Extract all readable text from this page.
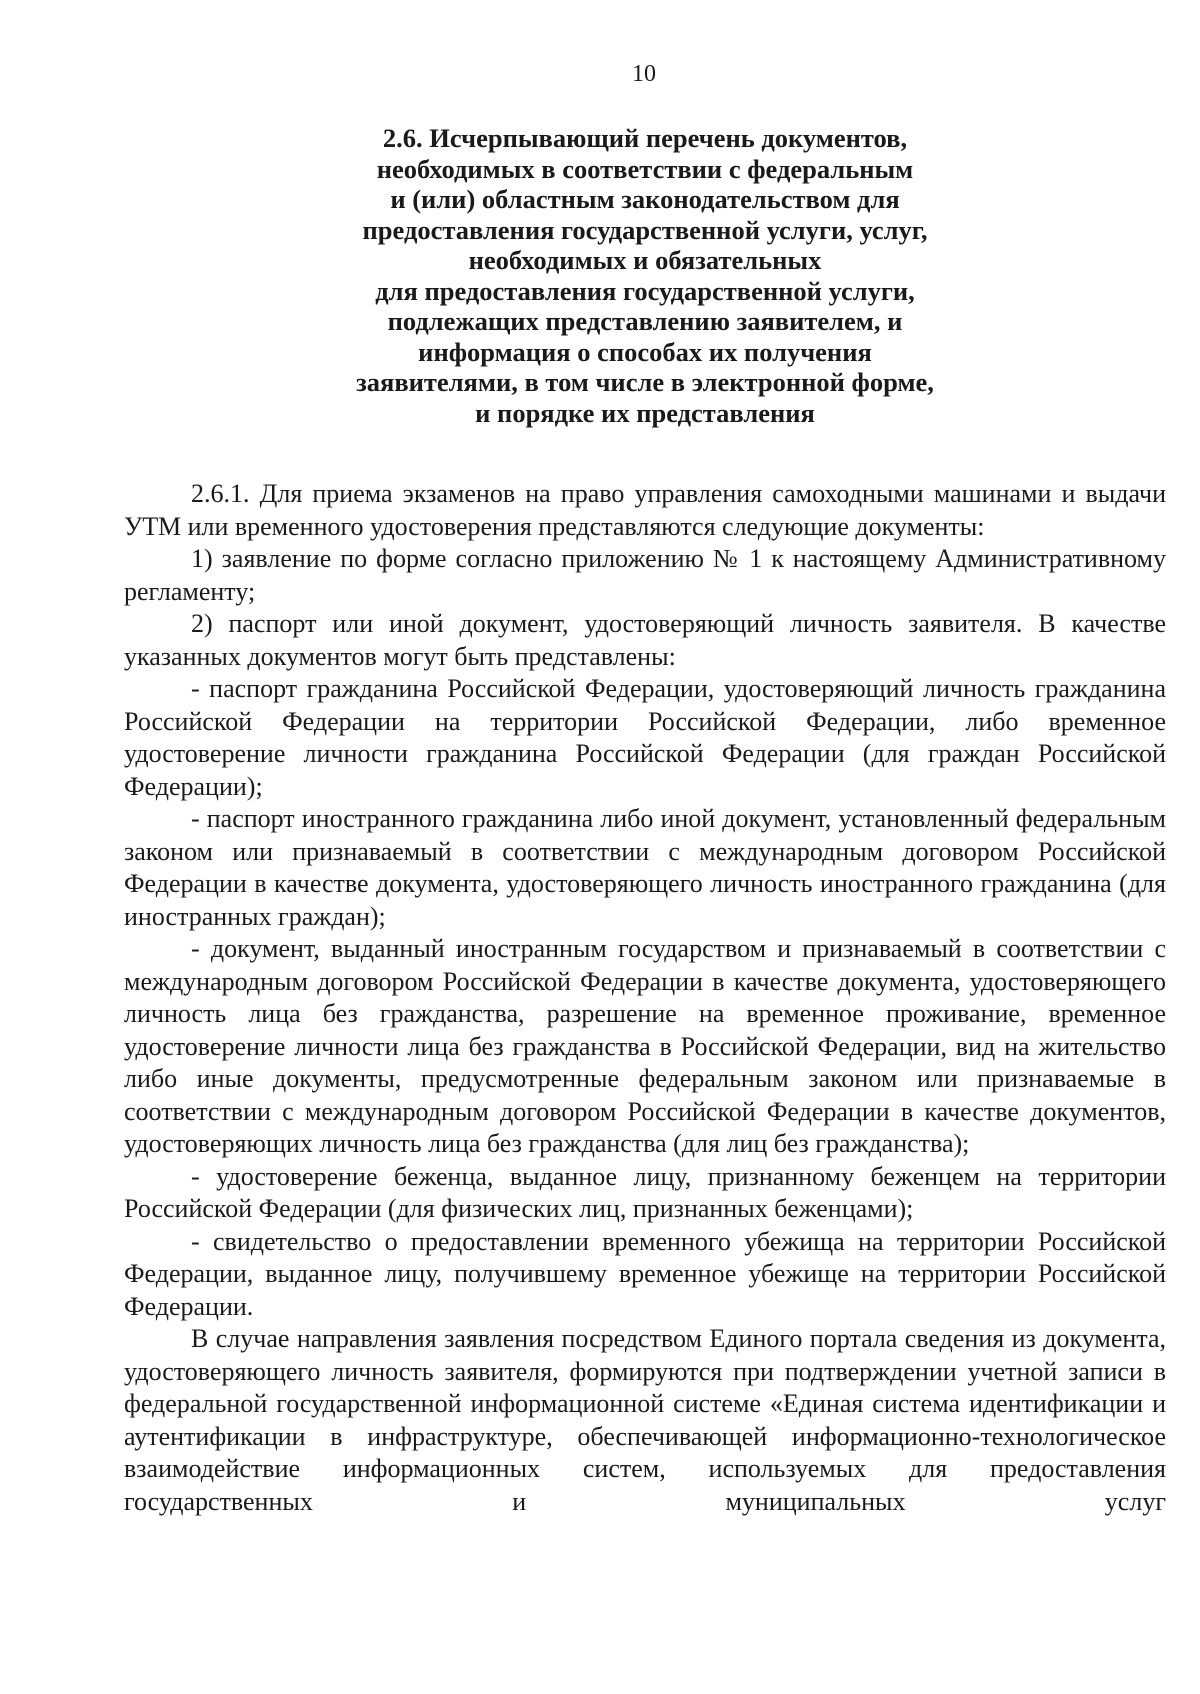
10
2.6. Исчерпывающий перечень документов,
необходимых в соответствии с федеральным
и (или) областным законодательством для
предоставления государственной услуги, услуг,
необходимых и обязательных
для предоставления государственной услуги,
подлежащих представлению заявителем, и
информация о способах их получения
заявителями, в том числе в электронной форме,
и порядке их представления

2.6.1. Для приема экзаменов на право управления самоходными машинами и выдачи УТМ или временного удостоверения представляются следующие документы:

1) заявление по форме согласно приложению № 1 к настоящему Административному регламенту;

2) паспорт или иной документ, удостоверяющий личность заявителя. В качестве указанных документов могут быть представлены:

- паспорт гражданина Российской Федерации, удостоверяющий личность гражданина Российской Федерации на территории Российской Федерации, либо временное удостоверение личности гражданина Российской Федерации (для граждан Российской Федерации);

- паспорт иностранного гражданина либо иной документ, установленный федеральным законом или признаваемый в соответствии с международным договором Российской Федерации в качестве документа, удостоверяющего личность иностранного гражданина (для иностранных граждан);

- документ, выданный иностранным государством и признаваемый в соответствии с международным договором Российской Федерации в качестве документа, удостоверяющего личность лица без гражданства, разрешение на временное проживание, временное удостоверение личности лица без гражданства в Российской Федерации, вид на жительство либо иные документы, предусмотренные федеральным законом или признаваемые в соответствии с международным договором Российской Федерации в качестве документов, удостоверяющих личность лица без гражданства (для лиц без гражданства);

- удостоверение беженца, выданное лицу, признанному беженцем на территории Российской Федерации (для физических лиц, признанных беженцами);

- свидетельство о предоставлении временного убежища на территории Российской Федерации, выданное лицу, получившему временное убежище на территории Российской Федерации.

В случае направления заявления посредством Единого портала сведения из документа, удостоверяющего личность заявителя, формируются при подтверждении учетной записи в федеральной государственной информационной системе «Единая система идентификации и аутентификации в инфраструктуре, обеспечивающей информационно-технологическое взаимодействие информационных систем, используемых для предоставления государственных и муниципальных услуг
